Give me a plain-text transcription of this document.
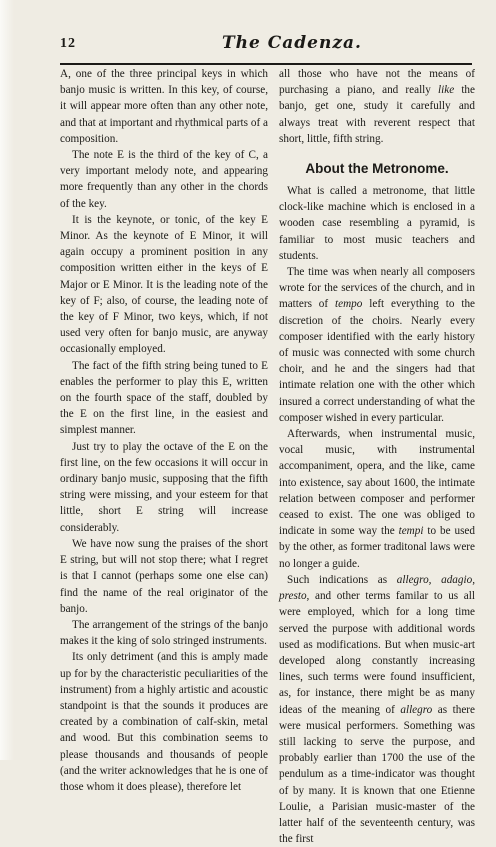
12	The Cadenza.

A, one of the three principal keys in which banjo music is written. In this key, of course, it will appear more often than any other note, and that at important and rhythmical parts of a composition.

The note E is the third of the key of C, a very important melody note, and appearing more frequently than any other in the chords of the key.

It is the keynote, or tonic, of the key E Minor. As the keynote of E Minor, it will again occupy a prominent position in any composition written either in the keys of E Major or E Minor. It is the leading note of the key of F; also, of course, the leading note of the key of F Minor, two keys, which, if not used very often for banjo music, are anyway occasionally employed.

The fact of the fifth string being tuned to E enables the performer to play this E, written on the fourth space of the staff, doubled by the E on the first line, in the easiest and simplest manner.

Just try to play the octave of the E on the first line, on the few occasions it will occur in ordinary banjo music, supposing that the fifth string were missing, and your esteem for that little, short E string will increase considerably.

We have now sung the praises of the short E string, but will not stop there; what I regret is that I cannot (perhaps some one else can) find the name of the real originator of the banjo.

The arrangement of the strings of the banjo makes it the king of solo stringed instruments.

Its only detriment (and this is amply made up for by the characteristic peculiarities of the instrument) from a highly artistic and acoustic standpoint is that the sounds it produces are created by a combination of calf-skin, metal and wood. But this combination seems to please thousands and thousands of people (and the writer acknowledges that he is one of those whom it does please), therefore let

all those who have not the means of purchasing a piano, and really like the banjo, get one, study it carefully and always treat with reverent respect that short, little, fifth string.

About the Metronome.

What is called a metronome, that little clock-like machine which is enclosed in a wooden case resembling a pyramid, is familiar to most music teachers and students.

The time was when nearly all composers wrote for the services of the church, and in matters of tempo left everything to the discretion of the choirs. Nearly every composer identified with the early history of music was connected with some church choir, and he and the singers had that intimate relation one with the other which insured a correct understanding of what the composer wished in every particular.

Afterwards, when instrumental music, vocal music, with instrumental accompaniment, opera, and the like, came into existence, say about 1600, the intimate relation between composer and performer ceased to exist. The one was obliged to indicate in some way the tempi to be used by the other, as former traditonal laws were no longer a guide.

Such indications as allegro, adagio, presto, and other terms familar to us all were employed, which for a long time served the purpose with additional words used as modifications. But when music-art developed along constantly increasing lines, such terms were found insufficient, as, for instance, there might be as many ideas of the meaning of allegro as there were musical performers. Something was still lacking to serve the purpose, and probably earlier than 1700 the use of the pendulum as a time-indicator was thought of by many. It is known that one Etienne Loulie, a Parisian music-master of the latter half of the seventeenth century, was the first
